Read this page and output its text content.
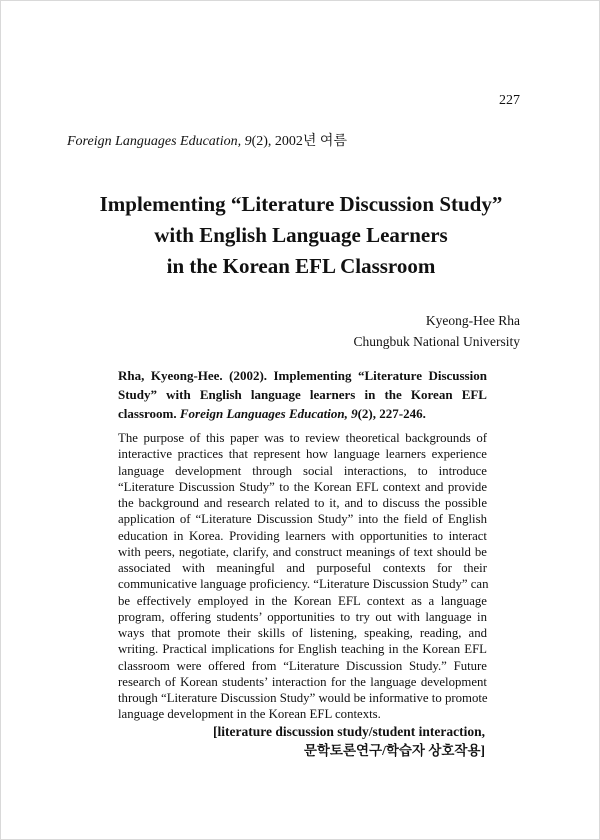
227
Foreign Languages Education, 9(2), 2002년 여름
Implementing “Literature Discussion Study”
with English Language Learners
in the Korean EFL Classroom
Kyeong-Hee Rha
Chungbuk National University
Rha, Kyeong-Hee. (2002). Implementing “Literature Discussion
Study” with English language learners in the Korean EFL
classroom. Foreign Languages Education, 9(2), 227-246.
The purpose of this paper was to review theoretical backgrounds of
interactive practices that represent how language learners experience
language development through social interactions, to introduce
“Literature Discussion Study” to the Korean EFL context and provide
the background and research related to it, and to discuss the possible
application of “Literature Discussion Study” into the field of English
education in Korea. Providing learners with opportunities to interact
with peers, negotiate, clarify, and construct meanings of text should be
associated with meaningful and purposeful contexts for their
communicative language proficiency. “Literature Discussion Study” can
be effectively employed in the Korean EFL context as a language
program, offering students’ opportunities to try out with language in
ways that promote their skills of listening, speaking, reading, and
writing. Practical implications for English teaching in the Korean EFL
classroom were offered from “Literature Discussion Study.” Future
research of Korean students’ interaction for the language development
through “Literature Discussion Study” would be informative to promote
language development in the Korean EFL contexts.
[literature discussion study/student interaction,
문학토론연구/학습자 상호작용]
